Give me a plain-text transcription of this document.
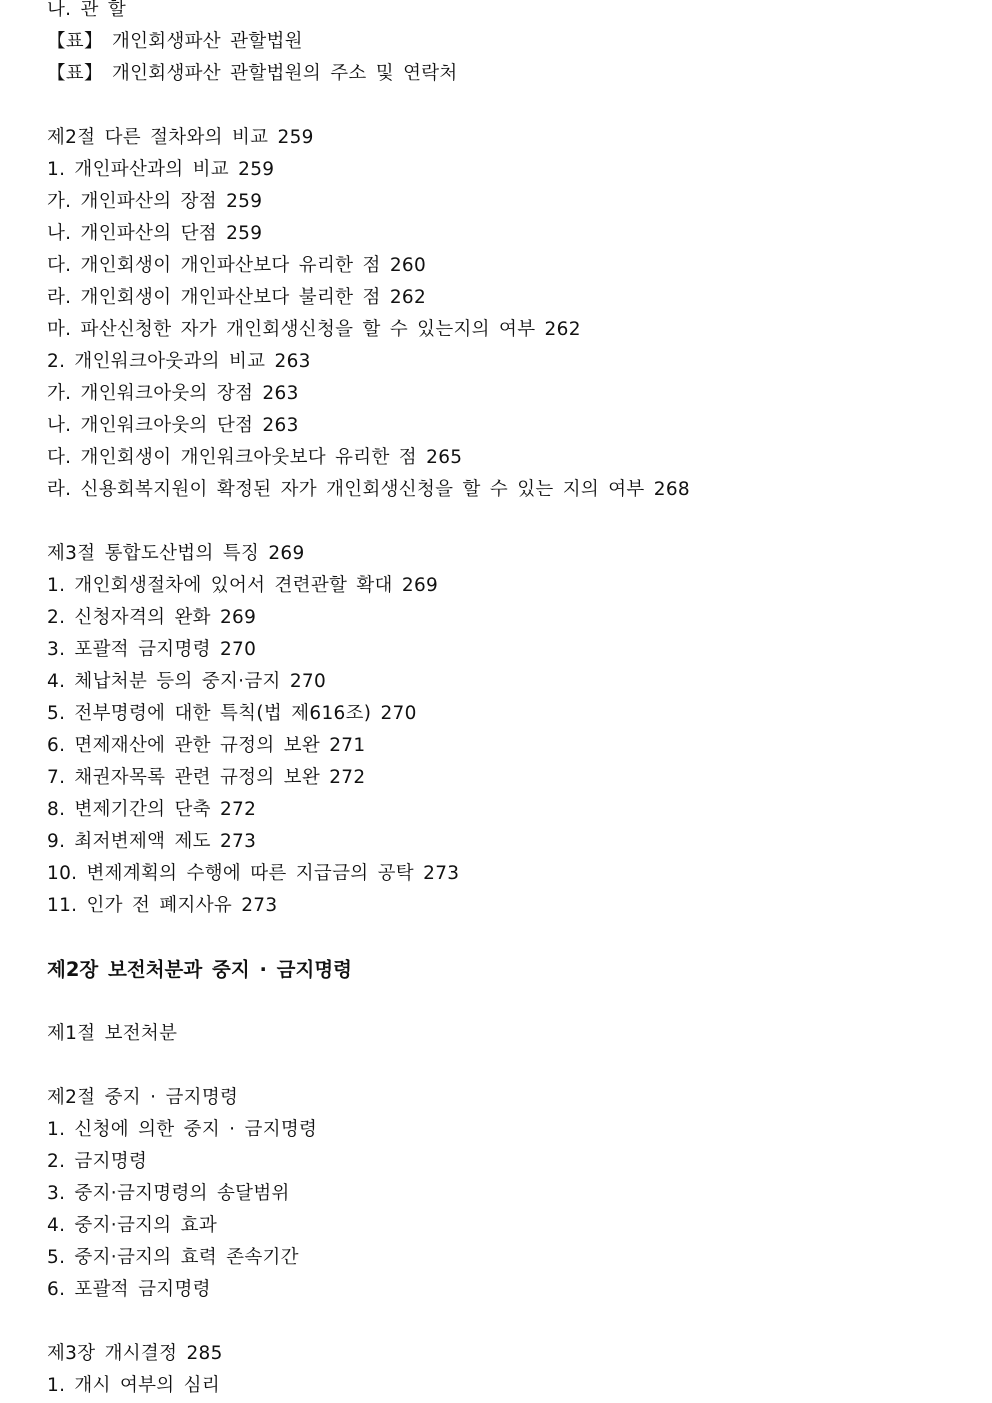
나. 관 할
【표】 개인회생파산 관할법원
【표】 개인회생파산 관할법원의 주소 및 연락처
제2절 다른 절차와의 비교 259
1. 개인파산과의 비교 259
가. 개인파산의 장점 259
나. 개인파산의 단점 259
다. 개인회생이 개인파산보다 유리한 점 260
라. 개인회생이 개인파산보다 불리한 점 262
마. 파산신청한 자가 개인회생신청을 할 수 있는지의 여부 262
2. 개인워크아웃과의 비교 263
가. 개인워크아웃의 장점 263
나. 개인워크아웃의 단점 263
다. 개인회생이 개인워크아웃보다 유리한 점 265
라. 신용회복지원이 확정된 자가 개인회생신청을 할 수 있는 지의 여부 268
제3절 통합도산법의 특징 269
1. 개인회생절차에 있어서 견련관할 확대 269
2. 신청자격의 완화 269
3. 포괄적 금지명령 270
4. 체납처분 등의 중지·금지 270
5. 전부명령에 대한 특칙(법 제616조) 270
6. 면제재산에 관한 규정의 보완 271
7. 채권자목록 관련 규정의 보완 272
8. 변제기간의 단축 272
9. 최저변제액 제도 273
10. 변제계획의 수행에 따른 지급금의 공탁 273
11. 인가 전 폐지사유 273
제2장 보전처분과 중지 · 금지명령
제1절 보전처분
제2절 중지 · 금지명령
1. 신청에 의한 중지 · 금지명령
2. 금지명령
3. 중지·금지명령의 송달범위
4. 중지·금지의 효과
5. 중지·금지의 효력 존속기간
6. 포괄적 금지명령
제3장 개시결정 285
1. 개시 여부의 심리
